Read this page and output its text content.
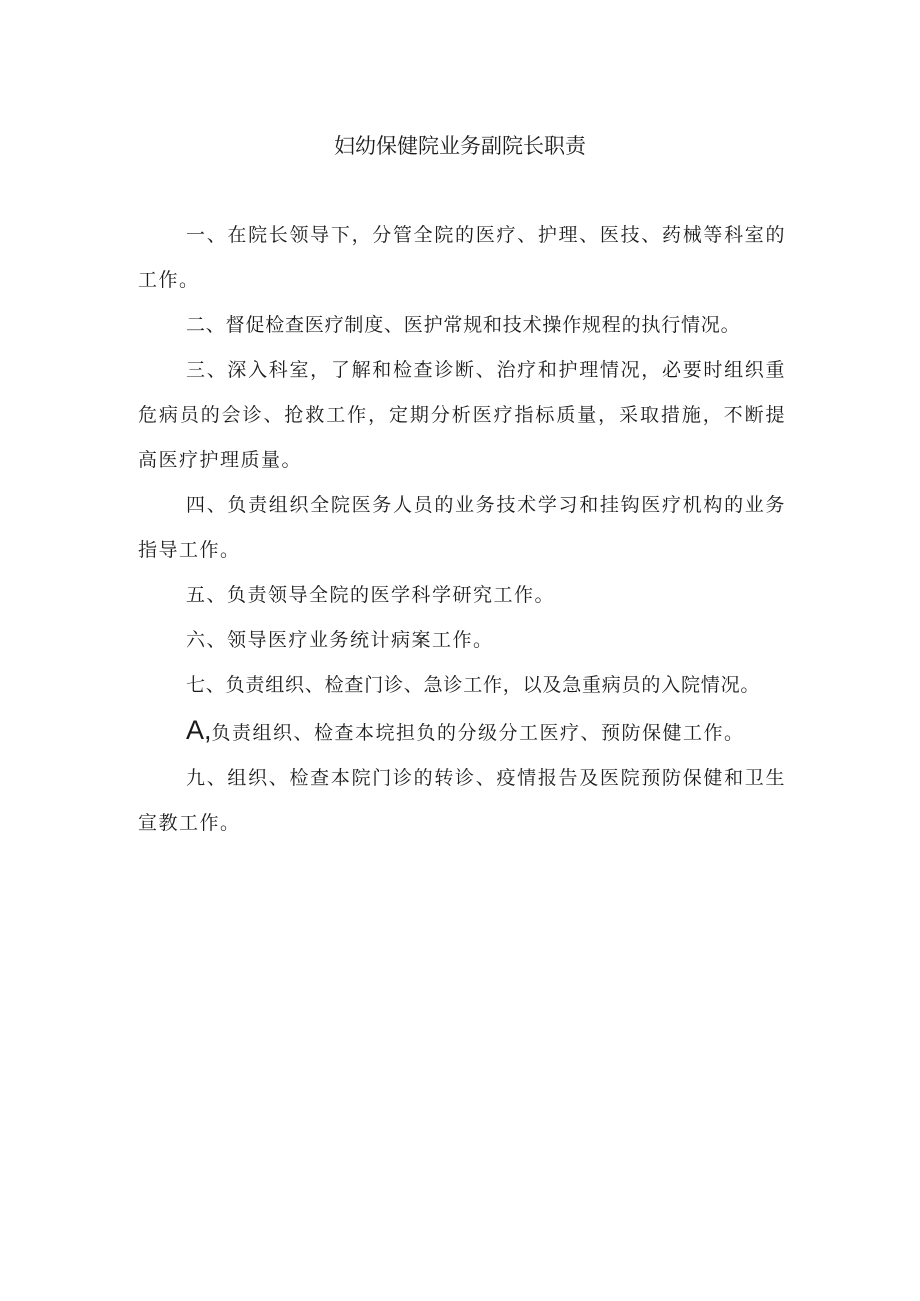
妇幼保健院业务副院长职责

一、在院长领导下，分管全院的医疗、护理、医技、药械等科室的工作。

二、督促检查医疗制度、医护常规和技术操作规程的执行情况。

三、深入科室，了解和检查诊断、治疗和护理情况，必要时组织重危病员的会诊、抢救工作，定期分析医疗指标质量，采取措施，不断提高医疗护理质量。

四、负责组织全院医务人员的业务技术学习和挂钩医疗机构的业务指导工作。

五、负责领导全院的医学科学研究工作。

六、领导医疗业务统计病案工作。

七、负责组织、检查门诊、急诊工作，以及急重病员的入院情况。

A,负责组织、检查本垸担负的分级分工医疗、预防保健工作。

九、组织、检查本院门诊的转诊、疫情报告及医院预防保健和卫生宣教工作。
